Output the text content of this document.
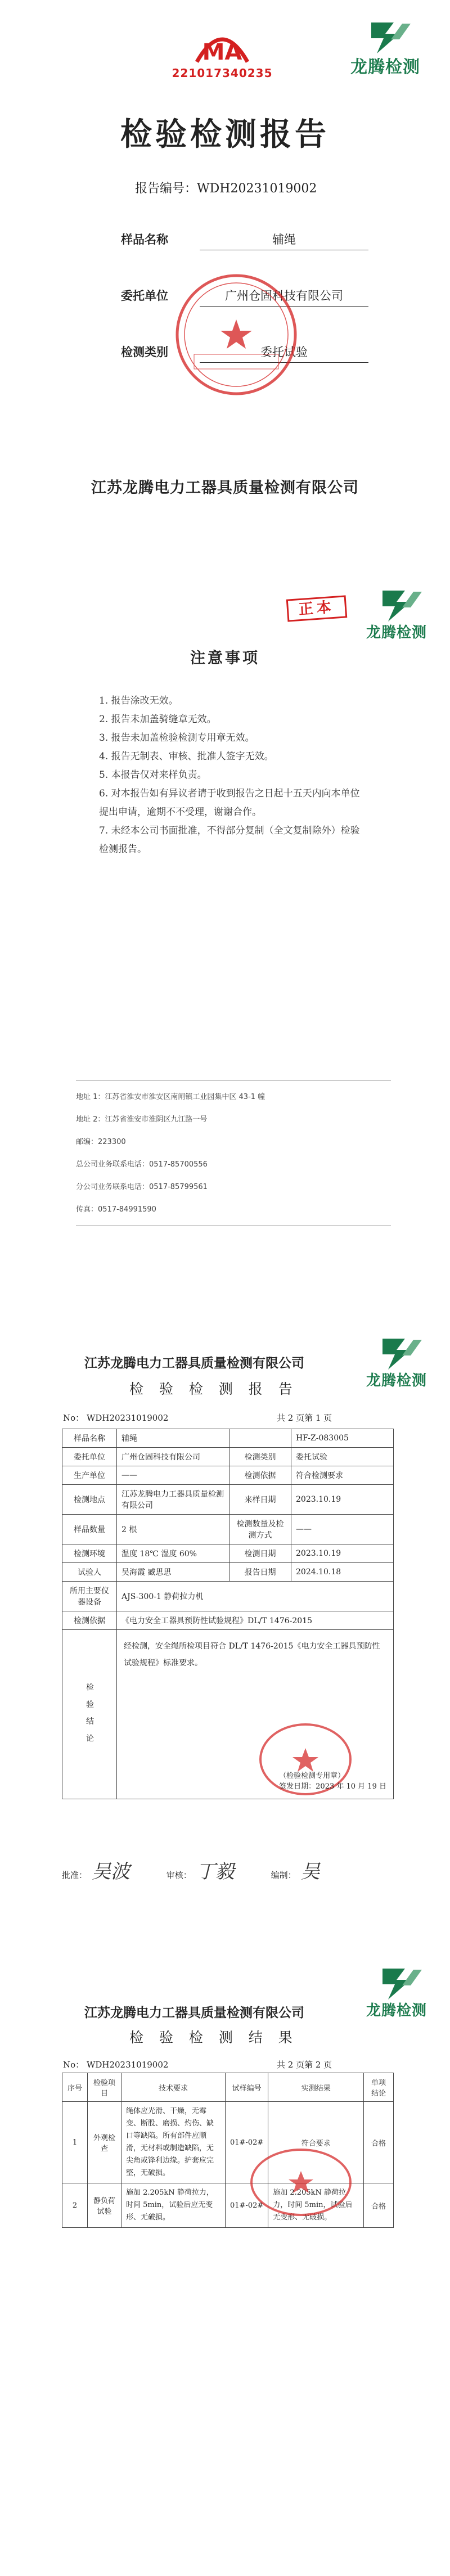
MA
221017340235	龙腾检测
检验检测报告
报告编号：WDH20231019002
样品名称	辅绳
委托单位	广州仓固科技有限公司
检测类别	委托试验
江苏龙腾电力工器具质量检测有限公司
正本
龙腾检测
注意事项
1. 报告涂改无效。
2. 报告未加盖骑缝章无效。
3. 报告未加盖检验检测专用章无效。
4. 报告无制表、审核、批准人签字无效。
5. 本报告仅对来样负责。
6. 对本报告如有异议者请于收到报告之日起十五天内向本单位
提出申请，逾期不不受理，谢谢合作。
7. 未经本公司书面批准，不得部分复制（全文复制除外）检验
检测报告。
地址 1：江苏省淮安市淮安区南闸镇工业园集中区 43-1 幢
地址 2：江苏省淮安市淮阴区九江路一号
邮编：223300
总公司业务联系电话：0517-85700556
分公司业务联系电话：0517-85799561
传真：0517-84991590
江苏龙腾电力工器具质量检测有限公司
龙腾检测
检 验 检 测 报 告
No： WDH20231019002	共 2 页第 1 页
样品名称	辅绳		HF-Z-083005
委托单位	广州仓固科技有限公司	检测类别	委托试验
生产单位	——	检测依据	符合检测要求
检测地点	江苏龙腾电力工器具质量检测有限公司	来样日期	2023.10.19
样品数量	2 根	检测数量及检测方式	——
检测环境	温度 18℃ 湿度 60%	检测日期	2023.10.19
试验人	吴海霞 臧思思	报告日期	2024.10.18
所用主要仪器设备	AJS-300-1 静荷拉力机		
检测依据	《电力安全工器具预防性试验规程》DL/T 1476-2015		
检 验 结 论	经检测，安全绳所检项目符合 DL/T 1476-2015《电力安全工器具预防性试验规程》标准要求。
（检验检测专用章）
签发日期：2023 年 10 月 19 日		
批准： 吴波	审核： 丁毅	编制： 吴
江苏龙腾电力工器具质量检测有限公司	龙腾检测
检 验 检 测 结 果
No： WDH20231019002	共 2 页第 2 页
序号	检验项目	技术要求	试样编号	实测结果	单项结论
1	外观检查	绳体应光滑、干燥，无霉变、断股、磨损、灼伤、缺口等缺陷。所有部件应顺滑，无材料或制造缺陷，无尖角或锋利边缘。护套应完整，无破损。	01#-02#	符合要求	合格
2	静负荷试验	施加 2.205kN 静荷拉力，时间 5min，试验后应无变形、无破损。	01#-02#	施加 2.205kN 静荷拉力，时间 5min，试验后无变形、无破损。	合格
